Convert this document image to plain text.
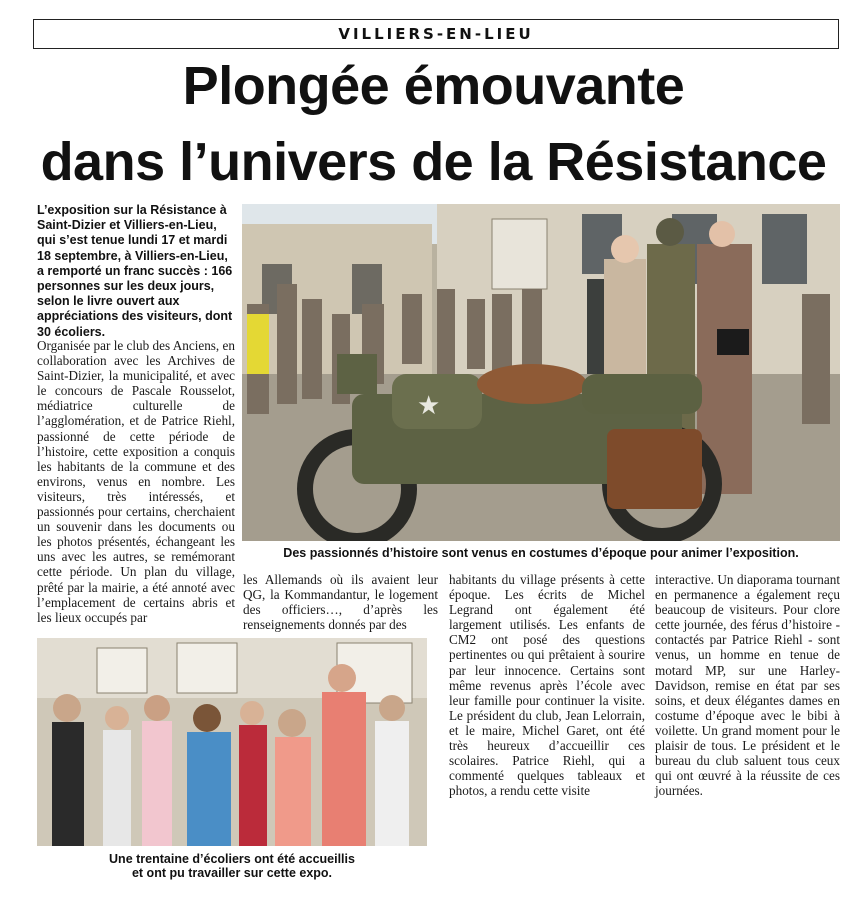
VILLIERS-EN-LIEU
Plongée émouvante
dans l’univers de la Résistance
★
Des passionnés d’histoire sont venus en costumes d’époque pour animer l’exposition.
L’exposition sur la Résistance à Saint-Dizier et Villiers-en-Lieu, qui s’est tenue lundi 17 et mardi 18 septembre, à Villiers-en-Lieu, a remporté un franc succès : 166 personnes sur les deux jours, selon le livre ouvert aux appréciations des visiteurs, dont 30 écoliers.
Organisée par le club des Anciens, en collaboration avec les Archives de Saint-Dizier, la municipalité, et avec le concours de Pascale Rousselot, médiatrice culturelle de l’agglomération, et de Patrice Riehl, passionné de cette période de l’histoire, cette exposition a conquis les habitants de la commune et des environs, venus en nombre. Les visiteurs, très intéressés, et passionnés pour certains, cherchaient un souvenir dans les documents ou les photos présentés, échangeant les uns avec les autres, se remémorant cette période. Un plan du village, prêté par la mairie, a été annoté avec l’emplacement de certains abris et les lieux occupés par
les Allemands où ils avaient leur QG, la Kommandantur, le logement des officiers…, d’après les renseignements donnés par des
habitants du village présents à cette époque. Les écrits de Michel Legrand ont également été largement utilisés. Les enfants de CM2 ont posé des questions pertinentes ou qui prêtaient à sourire par leur innocence. Certains sont même revenus après l’école avec leur famille pour continuer la visite. Le président du club, Jean Lelorrain, et le maire, Michel Garet, ont été très heureux d’accueillir ces scolaires. Patrice Riehl, qui a commenté quelques tableaux et photos, a rendu cette visite
interactive. Un diaporama tournant en permanence a également reçu beaucoup de visiteurs. Pour clore cette journée, des férus d’histoire - contactés par Patrice Riehl - sont venus, un homme en tenue de motard MP, sur une Harley-Davidson, remise en état par ses soins, et deux élégantes dames en costume d’époque avec le bibi à voilette. Un grand moment pour le plaisir de tous. Le président et le bureau du club saluent tous ceux qui ont œuvré à la réussite de ces journées.
Une trentaine d’écoliers ont été accueillis
et ont pu travailler sur cette expo.
